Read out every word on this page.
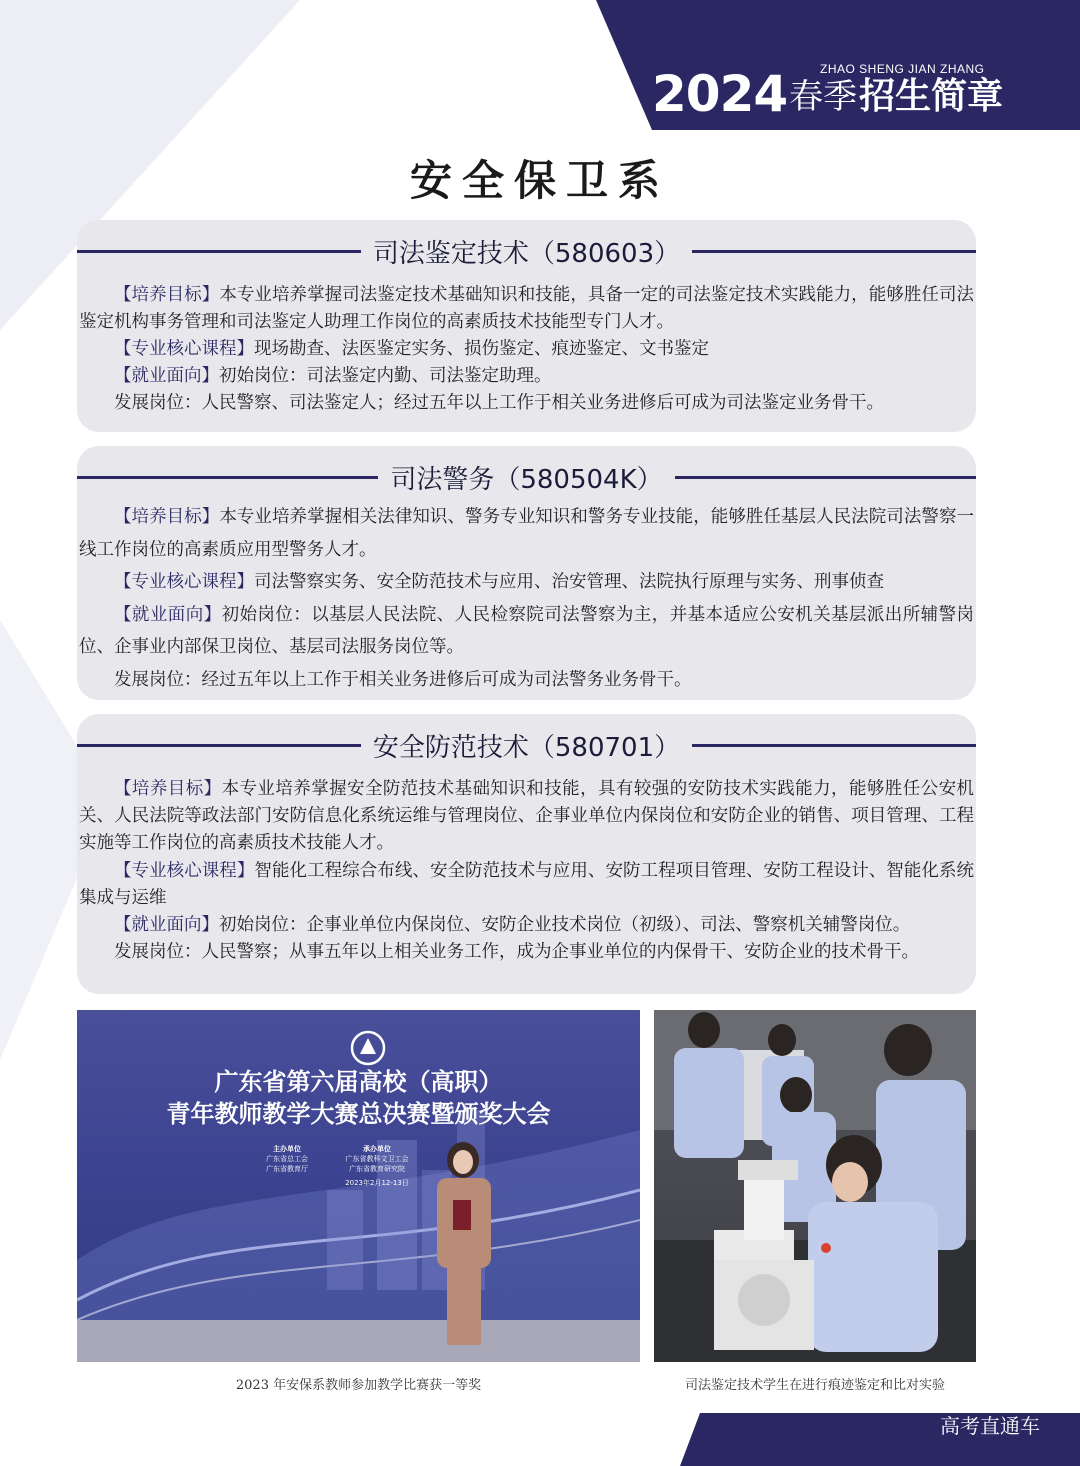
2024 春季 招生简章
ZHAO SHENG JIAN ZHANG
06/07
安全保卫系
司法鉴定技术（580603）

【培养目标】本专业培养掌握司法鉴定技术基础知识和技能，具备一定的司法鉴定技术实践能力，能够胜任司法鉴定机构事务管理和司法鉴定人助理工作岗位的高素质技术技能型专门人才。

【专业核心课程】现场勘查、法医鉴定实务、损伤鉴定、痕迹鉴定、文书鉴定

【就业面向】初始岗位：司法鉴定内勤、司法鉴定助理。

发展岗位：人民警察、司法鉴定人；经过五年以上工作于相关业务进修后可成为司法鉴定业务骨干。

司法警务（580504K）

【培养目标】本专业培养掌握相关法律知识、警务专业知识和警务专业技能，能够胜任基层人民法院司法警察一线工作岗位的高素质应用型警务人才。

【专业核心课程】司法警察实务、安全防范技术与应用、治安管理、法院执行原理与实务、刑事侦查

【就业面向】初始岗位：以基层人民法院、人民检察院司法警察为主，并基本适应公安机关基层派出所辅警岗位、企事业内部保卫岗位、基层司法服务岗位等。

发展岗位：经过五年以上工作于相关业务进修后可成为司法警务业务骨干。

安全防范技术（580701）

【培养目标】本专业培养掌握安全防范技术基础知识和技能，具有较强的安防技术实践能力，能够胜任公安机关、人民法院等政法部门安防信息化系统运维与管理岗位、企事业单位内保岗位和安防企业的销售、项目管理、工程实施等工作岗位的高素质技术技能人才。

【专业核心课程】智能化工程综合布线、安全防范技术与应用、安防工程项目管理、安防工程设计、智能化系统集成与运维

【就业面向】初始岗位：企事业单位内保岗位、安防企业技术岗位（初级）、司法、警察机关辅警岗位。

发展岗位：人民警察；从事五年以上相关业务工作，成为企事业单位的内保骨干、安防企业的技术骨干。

广东省第六届高校（高职）
青年教师教学大赛总决赛暨颁奖大会
主办单位
广东省总工会
广东省教育厅
承办单位
广东省教科文卫工会
广东省教育研究院
2023年2月12-13日
2023 年安保系教师参加教学比赛获一等奖	司法鉴定技术学生在进行痕迹鉴定和比对实验
高考直通车
